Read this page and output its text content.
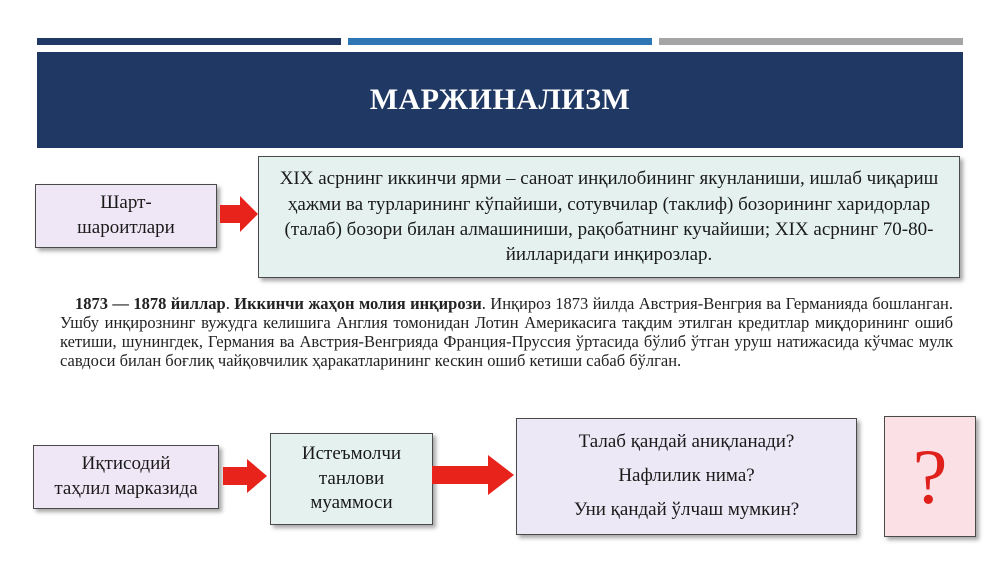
МАРЖИНАЛИЗМ
Шарт-
шароитлари
XIX асрнинг иккинчи ярми – саноат инқилобининг якунланиши, ишлаб чиқариш ҳажми ва турларининг кўпайиши, сотувчилар (таклиф) бозорининг харидорлар (талаб) бозори билан алмашиниши, рақобатнинг кучайиши; XIX асрнинг 70-80-йилларидаги инқирозлар.
1873 — 1878 йиллар. Иккинчи жаҳон молия инқирози. Инқироз 1873 йилда Австрия-Венгрия ва Германияда бошланган. Ушбу инқирознинг вужудга келишига Англия томонидан Лотин Америкасига тақдим этилган кредитлар миқдорининг ошиб кетиши, шунингдек, Германия ва Австрия-Венгрияда Франция-Пруссия ўртасида бўлиб ўтган уруш натижасида кўчмас мулк савдоси билан боғлиқ чайқовчилик ҳаракатларининг кескин ошиб кетиши сабаб бўлган.
Иқтисодий
таҳлил марказида
Истеъмолчи
танлови
муаммоси
Талаб қандай аниқланади?
Нафлилик нима?
Уни қандай ўлчаш мумкин? ?
